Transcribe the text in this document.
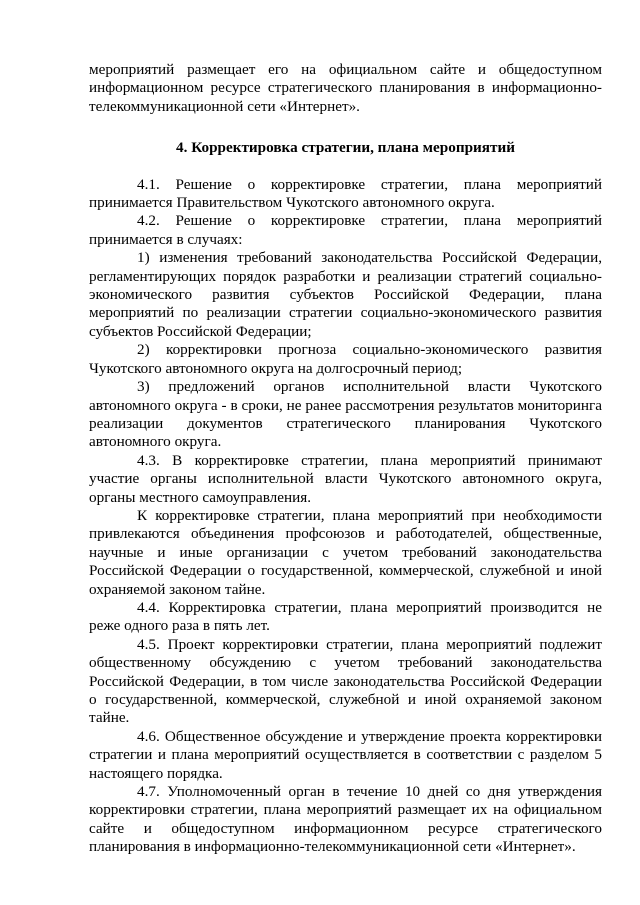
мероприятий размещает его на официальном сайте и общедоступном информационном ресурсе стратегического планирования в информационно-телекоммуникационной сети «Интернет».

4. Корректировка стратегии, плана мероприятий

4.1. Решение о корректировке стратегии, плана мероприятий принимается Правительством Чукотского автономного округа.

4.2. Решение о корректировке стратегии, плана мероприятий принимается в случаях:

1) изменения требований законодательства Российской Федерации, регламентирующих порядок разработки и реализации стратегий социально-экономического развития субъектов Российской Федерации, плана мероприятий по реализации стратегии социально-экономического развития субъектов Российской Федерации;

2) корректировки прогноза социально-экономического развития Чукотского автономного округа на долгосрочный период;

3) предложений органов исполнительной власти Чукотского автономного округа - в сроки, не ранее рассмотрения результатов мониторинга реализации документов стратегического планирования Чукотского автономного округа.

4.3. В корректировке стратегии, плана мероприятий принимают участие органы исполнительной власти Чукотского автономного округа, органы местного самоуправления.

К корректировке стратегии, плана мероприятий при необходимости привлекаются объединения профсоюзов и работодателей, общественные, научные и иные организации с учетом требований законодательства Российской Федерации о государственной, коммерческой, служебной и иной охраняемой законом тайне.

4.4. Корректировка стратегии, плана мероприятий производится не реже одного раза в пять лет.

4.5. Проект корректировки стратегии, плана мероприятий подлежит общественному обсуждению с учетом требований законодательства Российской Федерации, в том числе законодательства Российской Федерации о государственной, коммерческой, служебной и иной охраняемой законом тайне.

4.6. Общественное обсуждение и утверждение проекта корректировки стратегии и плана мероприятий осуществляется в соответствии с разделом 5 настоящего порядка.

4.7. Уполномоченный орган в течение 10 дней со дня утверждения корректировки стратегии, плана мероприятий размещает их на официальном сайте и общедоступном информационном ресурсе стратегического планирования в информационно-телекоммуникационной сети «Интернет».
